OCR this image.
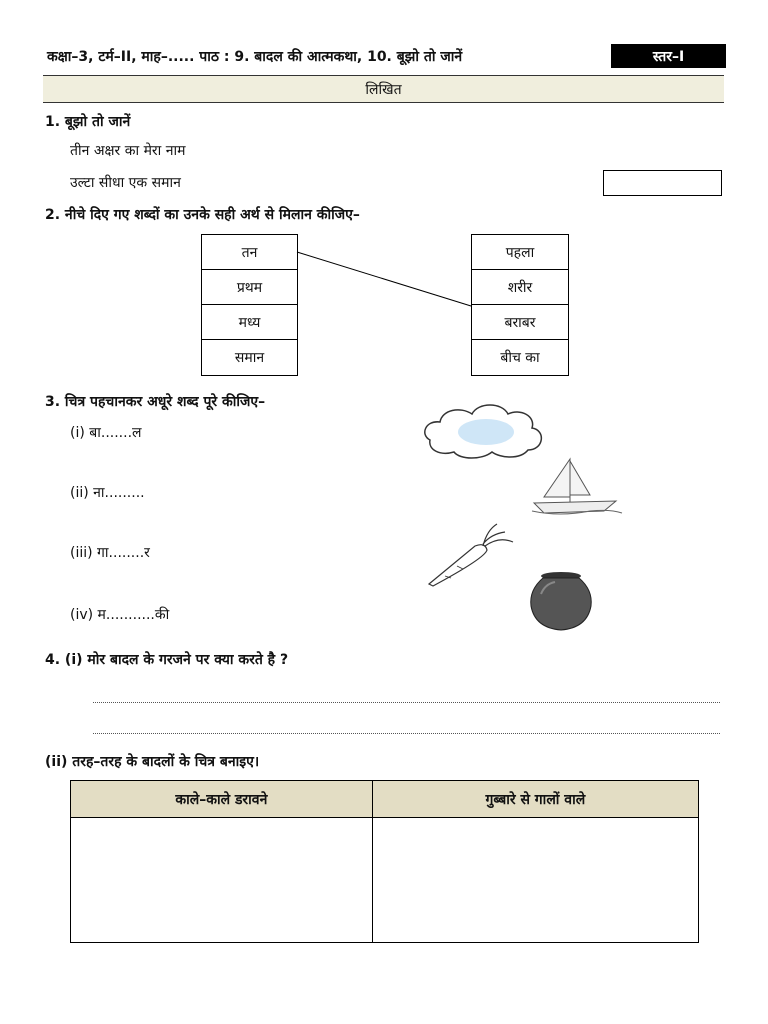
कक्षा–3, टर्म–II, माह–..... पाठ : 9. बादल की आत्मकथा, 10. बूझो तो जानें	स्तर–I
लिखित
1. बूझो तो जानें
तीन अक्षर का मेरा नाम
उल्टा सीधा एक समान
2. नीचे दिए गए शब्दों का उनके सही अर्थ से मिलान कीजिए–
तन
प्रथम
मध्य
समान
पहला
शरीर
बराबर
बीच का
3. चित्र पहचानकर अधूरे शब्द पूरे कीजिए–
(i) बा.......ल
(ii) ना.........
(iii) गा........र
(iv) म...........की
4. (i) मोर बादल के गरजने पर क्या करते है ?
(ii) तरह–तरह के बादलों के चित्र बनाइए।
काले–काले डरावने	गुब्बारे से गालों वाले
